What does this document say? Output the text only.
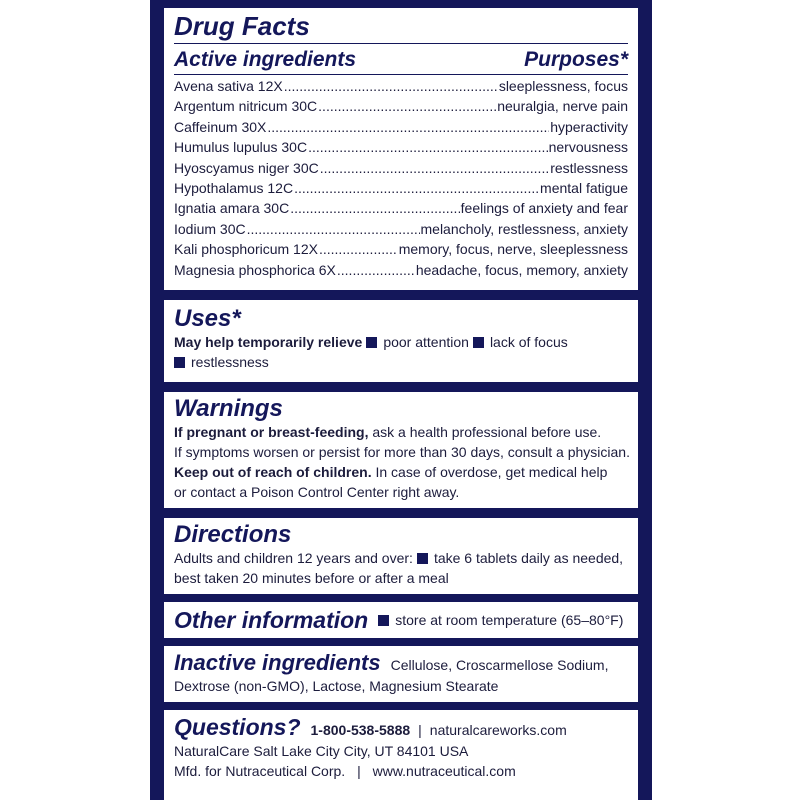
Drug Facts
Active ingredients	Purposes*
Avena sativa 12X .....	sleeplessness, focus
Argentum nitricum 30C .....	neuralgia, nerve pain
Caffeinum 30X .....	hyperactivity
Humulus lupulus 30C .....	nervousness
Hyoscyamus niger 30C .....	restlessness
Hypothalamus 12C .....	mental fatigue
Ignatia amara 30C .....	feelings of anxiety and fear
Iodium 30C .....	melancholy, restlessness, anxiety
Kali phosphoricum 12X .....	memory, focus, nerve, sleeplessness
Magnesia phosphorica 6X .....	headache, focus, memory, anxiety
Uses*
May help temporarily relieve poor attention lack of focus
restlessness
Warnings
If pregnant or breast-feeding, ask a health professional before use.
If symptoms worsen or persist for more than 30 days, consult a physician.
Keep out of reach of children. In case of overdose, get medical help
or contact a Poison Control Center right away.
Directions
Adults and children 12 years and over: take 6 tablets daily as needed,
best taken 20 minutes before or after a meal
Other information	store at room temperature (65–80°F)
Inactive ingredients Cellulose, Croscarmellose Sodium,
Dextrose (non-GMO), Lactose, Magnesium Stearate
Questions? 1-800-538-5888 | naturalcareworks.com
NaturalCare Salt Lake City City, UT 84101 USA
Mfd. for Nutraceutical Corp. | www.nutraceutical.com
